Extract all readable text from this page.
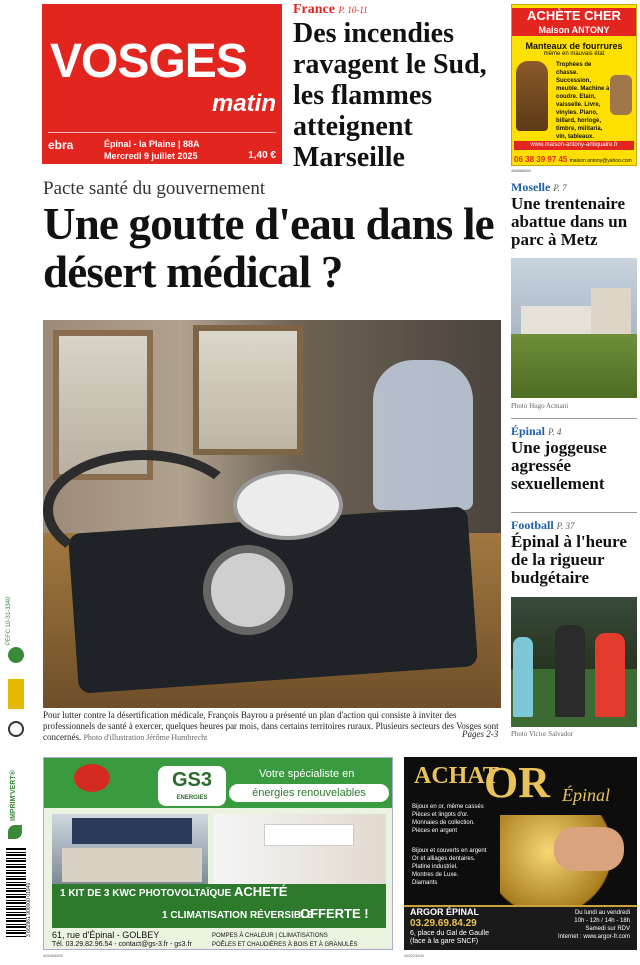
VOSGES
matin
ebra	Épinal - la Plaine | 88A
Mercredi 9 juillet 2025	1,40 €
France P. 10-11
Des incendies ravagent le Sud, les flammes atteignent Marseille
ACHÈTE CHER
Maison ANTONY
Manteaux de fourrures
même en mauvais état
Trophées de chasse. Succession, meuble. Machine à coudre. Etain, vaisselle. Livre, vinyles. Piano, billard, horloge, timbre, militaria, vin, tableaux.
www.maison-antony-antiquaire.fr
06 38 39 97 45 maison.antony@yahoo.com
456868800
Pacte santé du gouvernement
Une goutte d'eau dans le désert médical ?
Pour lutter contre la désertification médicale, François Bayrou a présenté un plan d'action qui consiste à inviter des professionnels de santé à exercer, quelques heures par mois, dans certains territoires ruraux. Plusieurs secteurs des Vosges sont concernés. Photo d'illustration Jérôme Humbrecht	Pages 2-3
Moselle P. 7
Une trentenaire abattue dans un parc à Metz
Photo Hugo Acmani
Épinal P. 4
Une joggeuse agressée sexuellement
Football P. 37
Épinal à l'heure de la rigueur budgétaire
Photo Victor Salvador
PEFC 10-31-3340
IMPRIM'VERT®
3 662961 900000 01940
GS3
ENERGIES
Votre spécialiste en
énergies renouvelables
1 KIT DE 3 KWC PHOTOVOLTAÏQUE ACHETÉ
1 CLIMATISATION RÉVERSIBLE
OFFERTE !
61, rue d'Épinal - GOLBEY
Tél. 03.29.82.96.54 - contact@gs-3.fr - gs3.fr
POMPES À CHALEUR | CLIMATISATIONS
POÊLES ET CHAUDIÈRES À BOIS ET À GRANULÉS
455458800
ACHAT
OR Épinal
Bijoux en or, même cassés
Pièces et lingots d'or.
Monnaies de collection.
Pièces en argent
Bijoux et couverts en argent
Or et alliages dentaires.
Platine industriel.
Montres de Luxe.
Diamants
ARGOR ÉPINAL
03.29.69.84.29
6, place du Gal de Gaulle
(face à la gare SNCF)
Du lundi au vendredi
10h - 12h / 14h - 18h
Samedi sur RDV
Internet : www.argor-fr.com
455224400
